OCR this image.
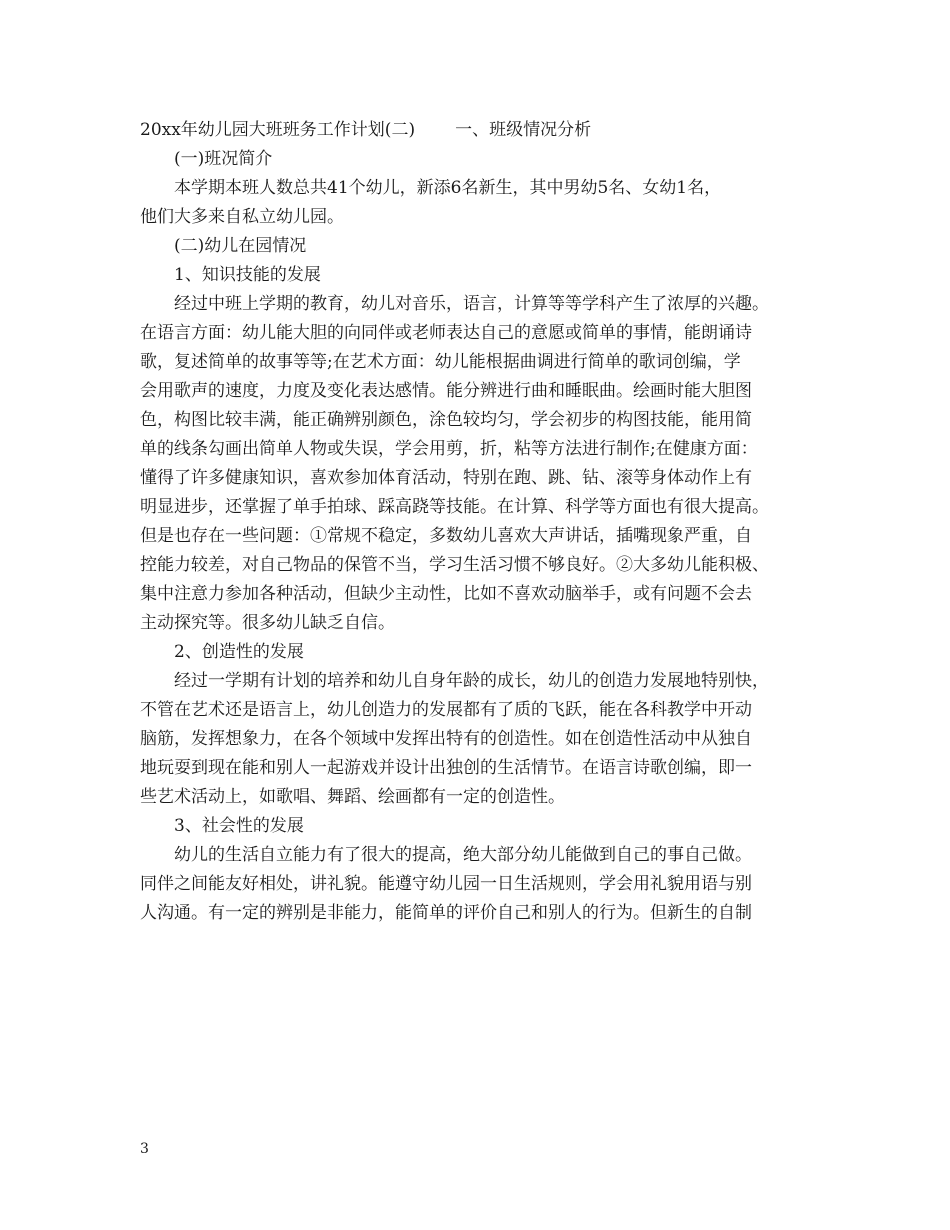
20xx年幼儿园大班班务工作计划(二) 一、班级情况分析
(一)班况简介
本学期本班人数总共41个幼儿，新添6名新生，其中男幼5名、女幼1名，
他们大多来自私立幼儿园。
(二)幼儿在园情况
1、知识技能的发展
经过中班上学期的教育，幼儿对音乐，语言，计算等等学科产生了浓厚的兴趣。
在语言方面：幼儿能大胆的向同伴或老师表达自己的意愿或简单的事情，能朗诵诗
歌，复述简单的故事等等;在艺术方面：幼儿能根据曲调进行简单的歌词创编，学
会用歌声的速度，力度及变化表达感情。能分辨进行曲和睡眠曲。绘画时能大胆图
色，构图比较丰满，能正确辨别颜色，涂色较均匀，学会初步的构图技能，能用简
单的线条勾画出简单人物或失误，学会用剪，折，粘等方法进行制作;在健康方面：
懂得了许多健康知识，喜欢参加体育活动，特别在跑、跳、钻、滚等身体动作上有
明显进步，还掌握了单手拍球、踩高跷等技能。在计算、科学等方面也有很大提高。
但是也存在一些问题：①常规不稳定，多数幼儿喜欢大声讲话，插嘴现象严重，自
控能力较差，对自己物品的保管不当，学习生活习惯不够良好。②大多幼儿能积极、
集中注意力参加各种活动，但缺少主动性，比如不喜欢动脑举手，或有问题不会去
主动探究等。很多幼儿缺乏自信。
2、创造性的发展
经过一学期有计划的培养和幼儿自身年龄的成长，幼儿的创造力发展地特别快，
不管在艺术还是语言上，幼儿创造力的发展都有了质的飞跃，能在各科教学中开动
脑筋，发挥想象力，在各个领域中发挥出特有的创造性。如在创造性活动中从独自
地玩耍到现在能和别人一起游戏并设计出独创的生活情节。在语言诗歌创编，即一
些艺术活动上，如歌唱、舞蹈、绘画都有一定的创造性。
3、社会性的发展
幼儿的生活自立能力有了很大的提高，绝大部分幼儿能做到自己的事自己做。
同伴之间能友好相处，讲礼貌。能遵守幼儿园一日生活规则，学会用礼貌用语与别
人沟通。有一定的辨别是非能力，能简单的评价自己和别人的行为。但新生的自制
3
